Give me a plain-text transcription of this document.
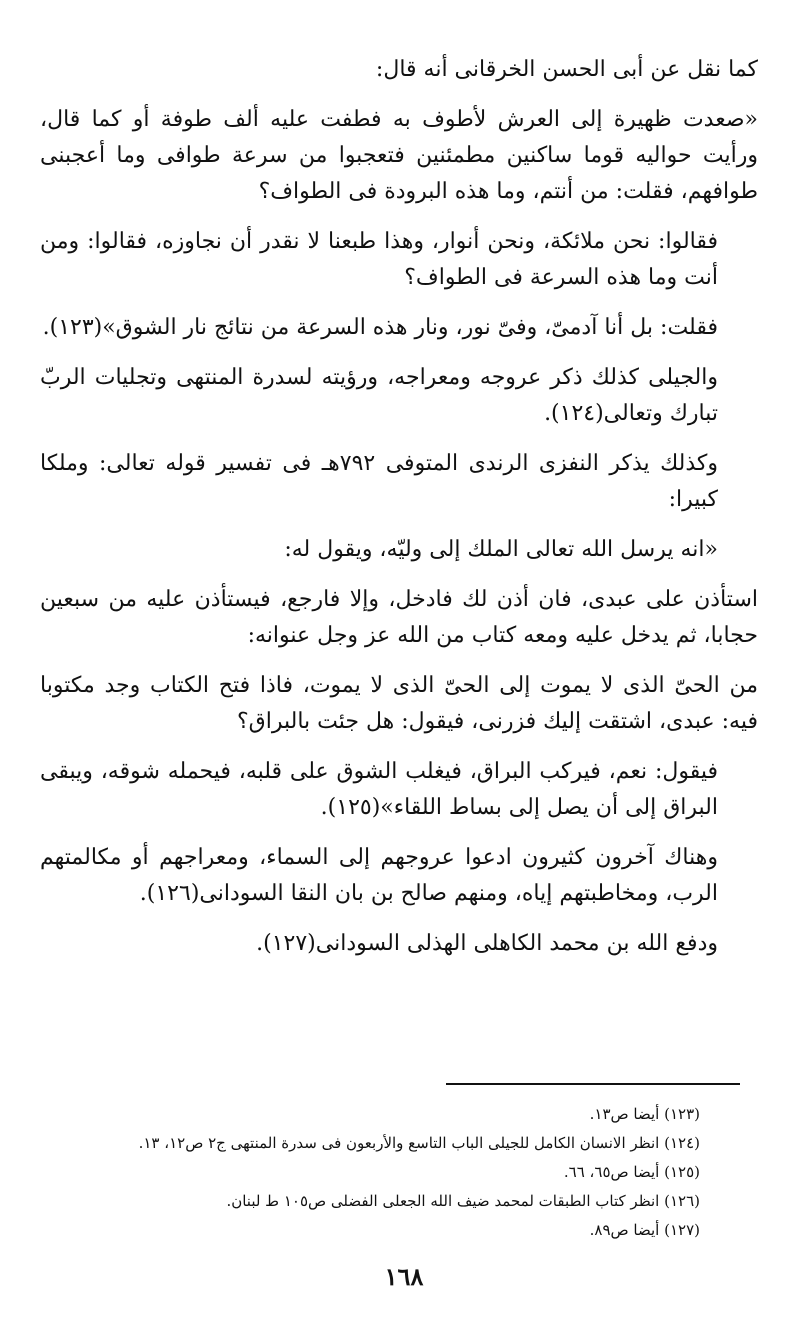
كما نقل عن أبى الحسن الخرقانى أنه قال:

«صعدت ظهيرة إلى العرش لأطوف به فطفت عليه ألف طوفة أو كما قال، ورأيت حواليه قوما ساكنين مطمئنين فتعجبوا من سرعة طوافى وما أعجبنى طوافهم، فقلت: من أنتم، وما هذه البرودة فى الطواف؟

فقالوا: نحن ملائكة، ونحن أنوار، وهذا طبعنا لا نقدر أن نجاوزه، فقالوا: ومن أنت وما هذه السرعة فى الطواف؟

فقلت: بل أنا آدمىّ، وفىّ نور، ونار هذه السرعة من نتائج نار الشوق»(١٢٣).

والجيلى كذلك ذكر عروجه ومعراجه، ورؤيته لسدرة المنتهى وتجليات الربّ تبارك وتعالى(١٢٤).

وكذلك يذكر النفزى الرندى المتوفى ٧٩٢هـ فى تفسير قوله تعالى: وملكا كبيرا:

«انه يرسل الله تعالى الملك إلى وليّه، ويقول له:

استأذن على عبدى، فان أذن لك فادخل، وإلا فارجع، فيستأذن عليه من سبعين حجابا، ثم يدخل عليه ومعه كتاب من الله عز وجل عنوانه:

من الحىّ الذى لا يموت إلى الحىّ الذى لا يموت، فاذا فتح الكتاب وجد مكتوبا فيه: عبدى، اشتقت إليك فزرنى، فيقول: هل جئت بالبراق؟

فيقول: نعم، فيركب البراق، فيغلب الشوق على قلبه، فيحمله شوقه، ويبقى البراق إلى أن يصل إلى بساط اللقاء»(١٢٥).

وهناك آخرون كثيرون ادعوا عروجهم إلى السماء، ومعراجهم أو مكالمتهم الرب، ومخاطبتهم إياه، ومنهم صالح بن بان النقا السودانى(١٢٦).

ودفع الله بن محمد الكاهلى الهذلى السودانى(١٢٧).

(١٢٣) أيضا ص١٣.
(١٢٤) انظر الانسان الكامل للجيلى الباب التاسع والأربعون فى سدرة المنتهى ج٢ ص١٢، ١٣.
(١٢٥) أيضا ص٦٥، ٦٦.
(١٢٦) انظر كتاب الطبقات لمحمد ضيف الله الجعلى الفضلى ص١٠٥ ط لبنان.
(١٢٧) أيضا ص٨٩.
١٦٨
